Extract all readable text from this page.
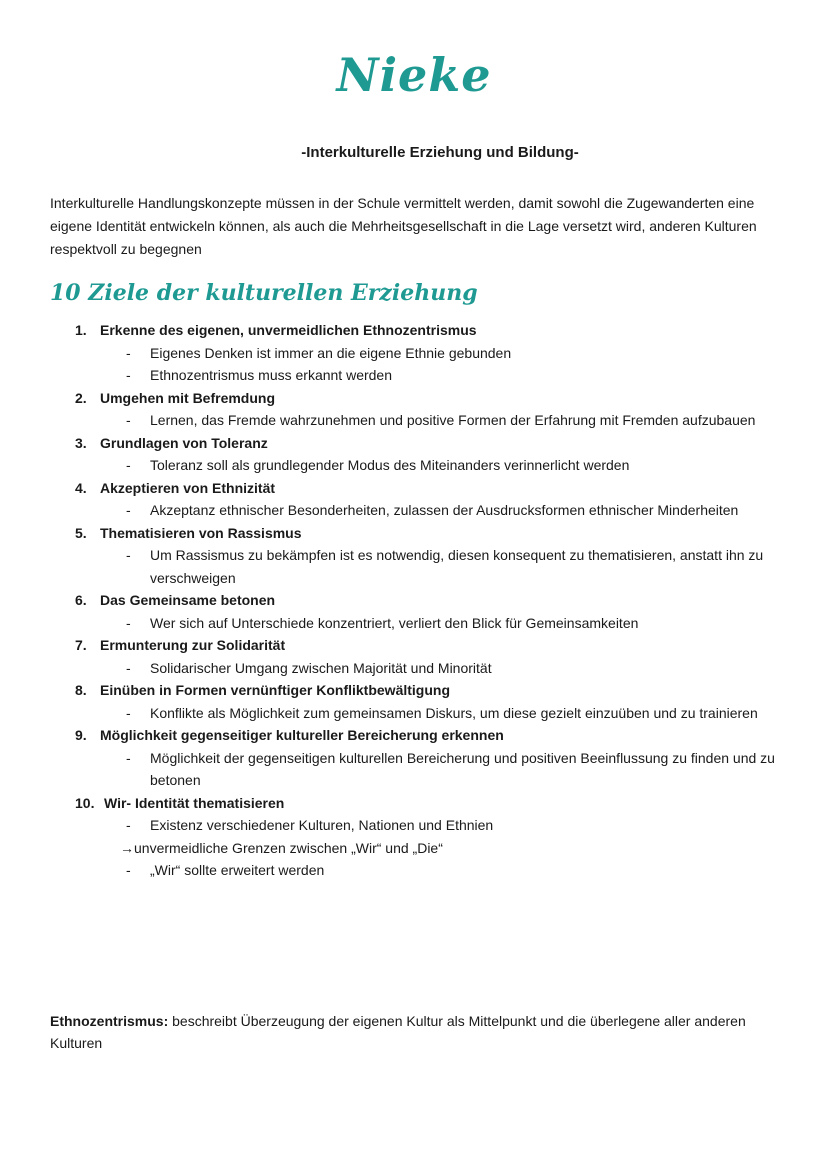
Nieke
-Interkulturelle Erziehung und Bildung-
Interkulturelle Handlungskonzepte müssen in der Schule vermittelt werden, damit sowohl die Zugewanderten eine eigene Identität entwickeln können, als auch die Mehrheitsgesellschaft in die Lage versetzt wird, anderen Kulturen respektvoll zu begegnen
10 Ziele der kulturellen Erziehung
1. Erkenne des eigenen, unvermeidlichen Ethnozentrismus
- Eigenes Denken ist immer an die eigene Ethnie gebunden
- Ethnozentrismus muss erkannt werden
2. Umgehen mit Befremdung
- Lernen, das Fremde wahrzunehmen und positive Formen der Erfahrung mit Fremden aufzubauen
3. Grundlagen von Toleranz
- Toleranz soll als grundlegender Modus des Miteinanders verinnerlicht werden
4. Akzeptieren von Ethnizität
- Akzeptanz ethnischer Besonderheiten, zulassen der Ausdrucksformen ethnischer Minderheiten
5. Thematisieren von Rassismus
- Um Rassismus zu bekämpfen ist es notwendig, diesen konsequent zu thematisieren, anstatt ihn zu verschweigen
6. Das Gemeinsame betonen
- Wer sich auf Unterschiede konzentriert, verliert den Blick für Gemeinsamkeiten
7. Ermunterung zur Solidarität
- Solidarischer Umgang zwischen Majorität und Minorität
8. Einüben in Formen vernünftiger Konfliktbewältigung
- Konflikte als Möglichkeit zum gemeinsamen Diskurs, um diese gezielt einzuüben und zu trainieren
9. Möglichkeit gegenseitiger kultureller Bereicherung erkennen
- Möglichkeit der gegenseitigen kulturellen Bereicherung und positiven Beeinflussung zu finden und zu betonen
10. Wir- Identität thematisieren
- Existenz verschiedener Kulturen, Nationen und Ethnien
→unvermeidliche Grenzen zwischen „Wir“ und „Die“
- „Wir“ sollte erweitert werden
Ethnozentrismus: beschreibt Überzeugung der eigenen Kultur als Mittelpunkt und die überlegene aller anderen Kulturen
